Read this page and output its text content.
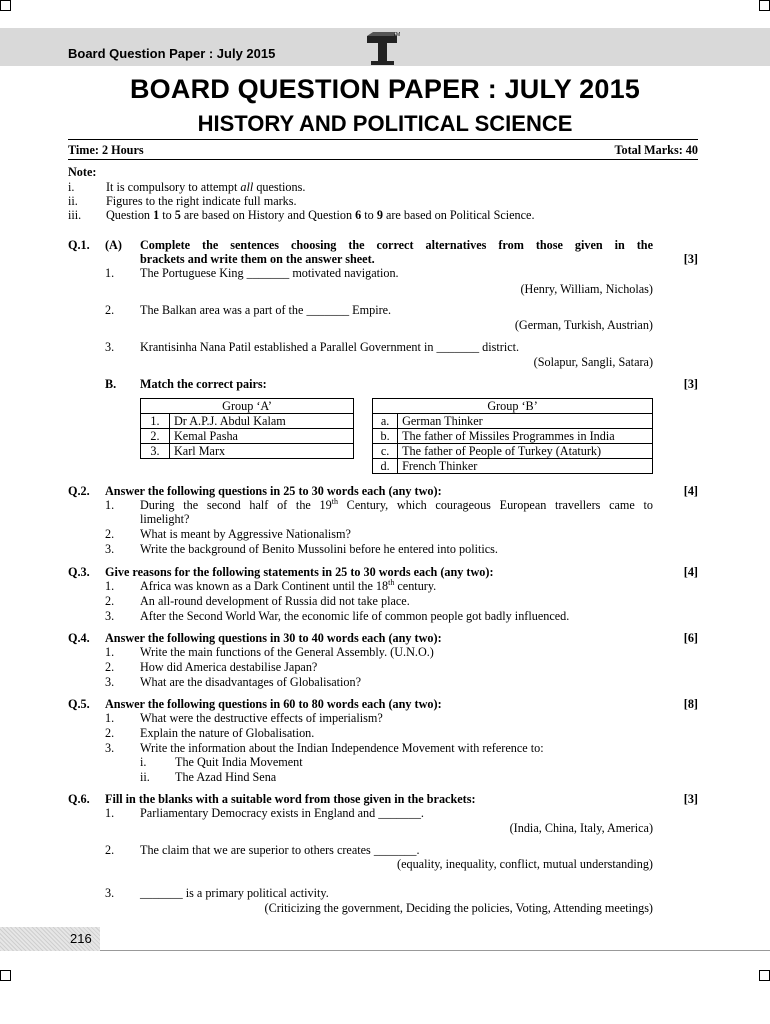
Board Question Paper : July 2015
TM
BOARD QUESTION PAPER : JULY 2015
HISTORY AND POLITICAL SCIENCE
Time: 2 Hours	Total Marks: 40
Note:
i.	It is compulsory to attempt all questions.
ii. Figures to the right indicate full marks.
iii. Question 1 to 5 are based on History and Question 6 to 9 are based on Political Science.
Q.1. (A) Complete the sentences choosing the correct alternatives from those given in the
brackets and write them on the answer sheet.	[3]
1. The Portuguese King _______ motivated navigation.
(Henry, William, Nicholas)
2. The Balkan area was a part of the _______ Empire.
(German, Turkish, Austrian)
3. Krantisinha Nana Patil established a Parallel Government in _______ district.
(Solapur, Sangli, Satara)
B. Match the correct pairs:	[3]
Group ‘A’			Group ‘B’	
1.	Dr A.P.J. Abdul Kalam		a.	German Thinker
2.	Kemal Pasha		b.	The father of Missiles Programmes in India
3.	Karl Marx		c.	The father of People of Turkey (Ataturk)
			d.	French Thinker
Q.2. Answer the following questions in 25 to 30 words each (any two):	[4]
1. During the second half of the 19th Century, which courageous European travellers came to
limelight?
2. What is meant by Aggressive Nationalism?
3. Write the background of Benito Mussolini before he entered into politics.
Q.3. Give reasons for the following statements in 25 to 30 words each (any two):	[4]
1. Africa was known as a Dark Continent until the 18th century.
2. An all-round development of Russia did not take place.
3. After the Second World War, the economic life of common people got badly influenced.
Q.4. Answer the following questions in 30 to 40 words each (any two):	[6]
1. Write the main functions of the General Assembly. (U.N.O.)
2. How did America destabilise Japan?
3. What are the disadvantages of Globalisation?
Q.5. Answer the following questions in 60 to 80 words each (any two):	[8]
1. What were the destructive effects of imperialism?
2. Explain the nature of Globalisation.
3. Write the information about the Indian Independence Movement with reference to:
i. The Quit India Movement
ii. The Azad Hind Sena
Q.6. Fill in the blanks with a suitable word from those given in the brackets:	[3]
1. Parliamentary Democracy exists in England and _______.
(India, China, Italy, America)
2. The claim that we are superior to others creates _______.
(equality, inequality, conflict, mutual understanding)
3. _______ is a primary political activity.
(Criticizing the government, Deciding the policies, Voting, Attending meetings)
216
